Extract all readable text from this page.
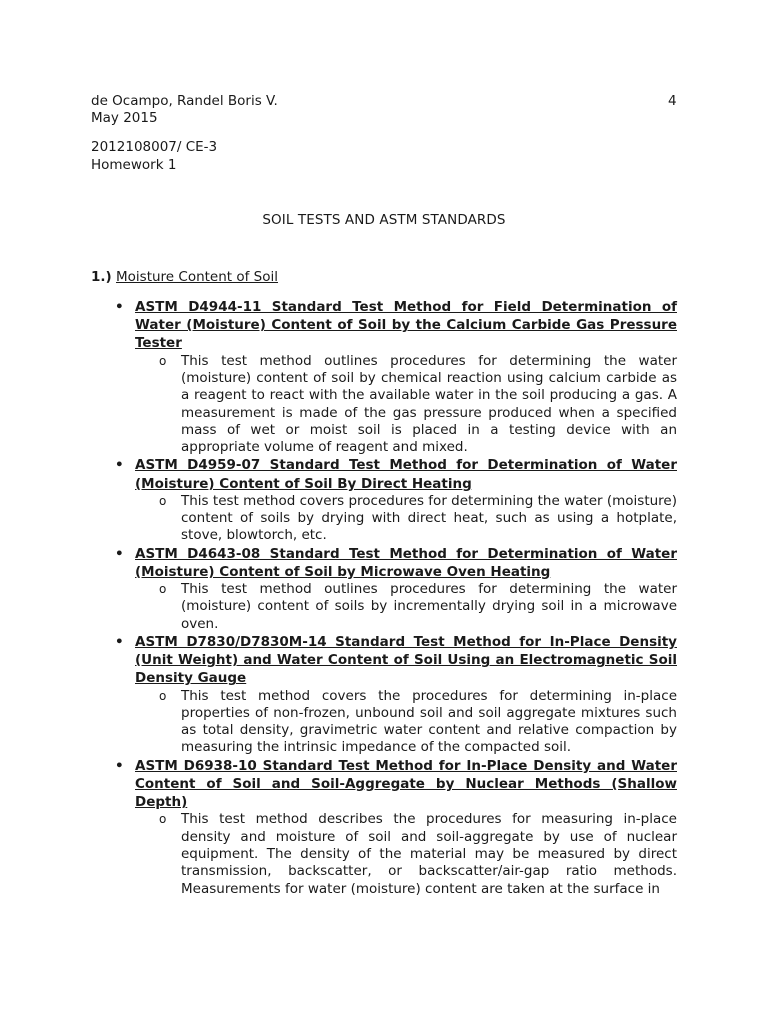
de Ocampo, Randel Boris V.	4
May 2015
2012108007/ CE-3
Homework 1
SOIL TESTS AND ASTM STANDARDS
1.) Moisture Content of Soil
• ASTM D4944-11 Standard Test Method for Field Determination of Water (Moisture) Content of Soil by the Calcium Carbide Gas Pressure Tester
o This test method outlines procedures for determining the water (moisture) content of soil by chemical reaction using calcium carbide as a reagent to react with the available water in the soil producing a gas. A measurement is made of the gas pressure produced when a specified mass of wet or moist soil is placed in a testing device with an appropriate volume of reagent and mixed.
• ASTM D4959-07 Standard Test Method for Determination of Water (Moisture) Content of Soil By Direct Heating
o This test method covers procedures for determining the water (moisture) content of soils by drying with direct heat, such as using a hotplate, stove, blowtorch, etc.
• ASTM D4643-08 Standard Test Method for Determination of Water (Moisture) Content of Soil by Microwave Oven Heating
o This test method outlines procedures for determining the water (moisture) content of soils by incrementally drying soil in a microwave oven.
• ASTM D7830/D7830M-14 Standard Test Method for In-Place Density (Unit Weight) and Water Content of Soil Using an Electromagnetic Soil Density Gauge
o This test method covers the procedures for determining in-place properties of non-frozen, unbound soil and soil aggregate mixtures such as total density, gravimetric water content and relative compaction by measuring the intrinsic impedance of the compacted soil.
• ASTM D6938-10 Standard Test Method for In-Place Density and Water Content of Soil and Soil-Aggregate by Nuclear Methods (Shallow Depth)
o This test method describes the procedures for measuring in-place density and moisture of soil and soil-aggregate by use of nuclear equipment. The density of the material may be measured by direct transmission, backscatter, or backscatter/air-gap ratio methods. Measurements for water (moisture) content are taken at the surface in
